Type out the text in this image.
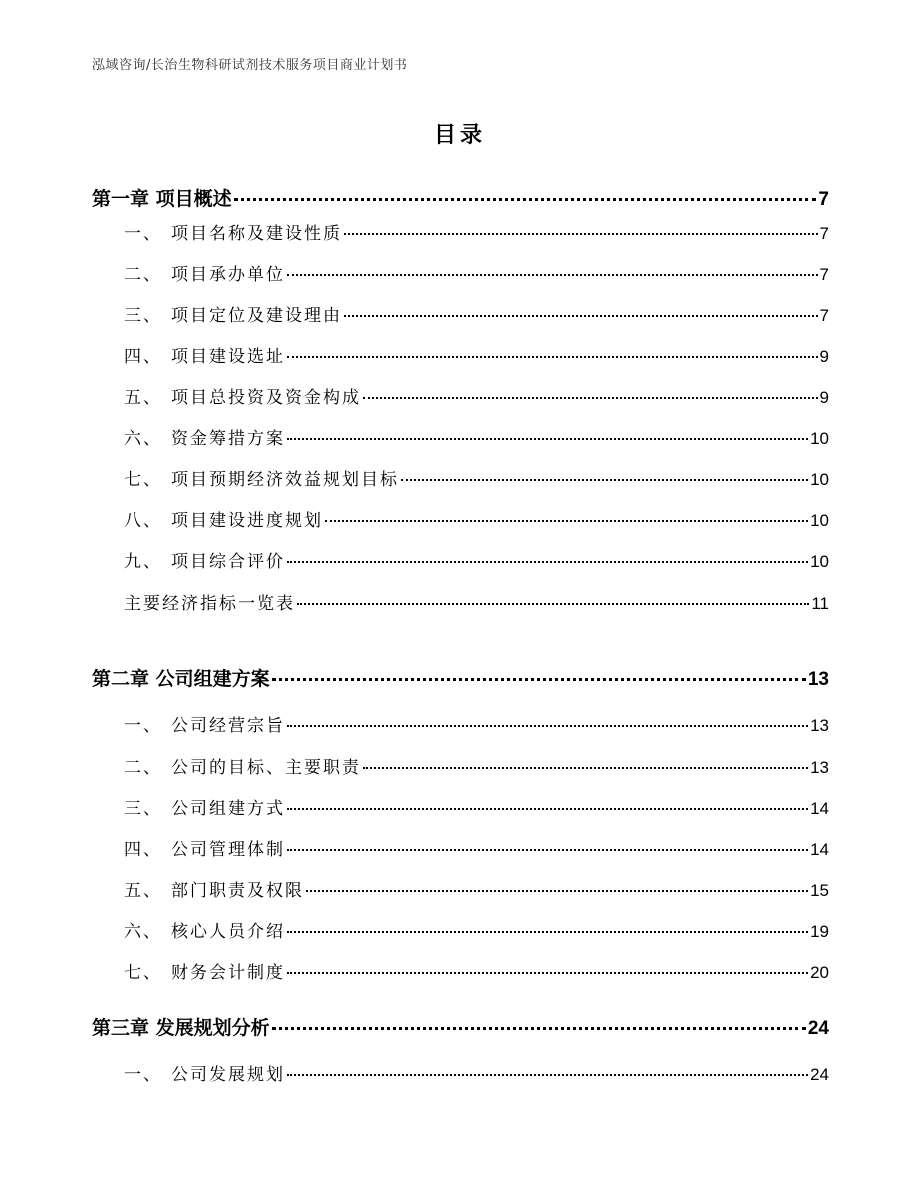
泓域咨询/长治生物科研试剂技术服务项目商业计划书
目录
第一章 项目概述	7
一、 项目名称及建设性质	7
二、 项目承办单位	7
三、 项目定位及建设理由	7
四、 项目建设选址	9
五、 项目总投资及资金构成	9
六、 资金筹措方案	10
七、 项目预期经济效益规划目标	10
八、 项目建设进度规划	10
九、 项目综合评价	10
主要经济指标一览表	11
第二章 公司组建方案	13
一、 公司经营宗旨	13
二、 公司的目标、主要职责	13
三、 公司组建方式	14
四、 公司管理体制	14
五、 部门职责及权限	15
六、 核心人员介绍	19
七、 财务会计制度	20
第三章 发展规划分析	24
一、 公司发展规划	24
